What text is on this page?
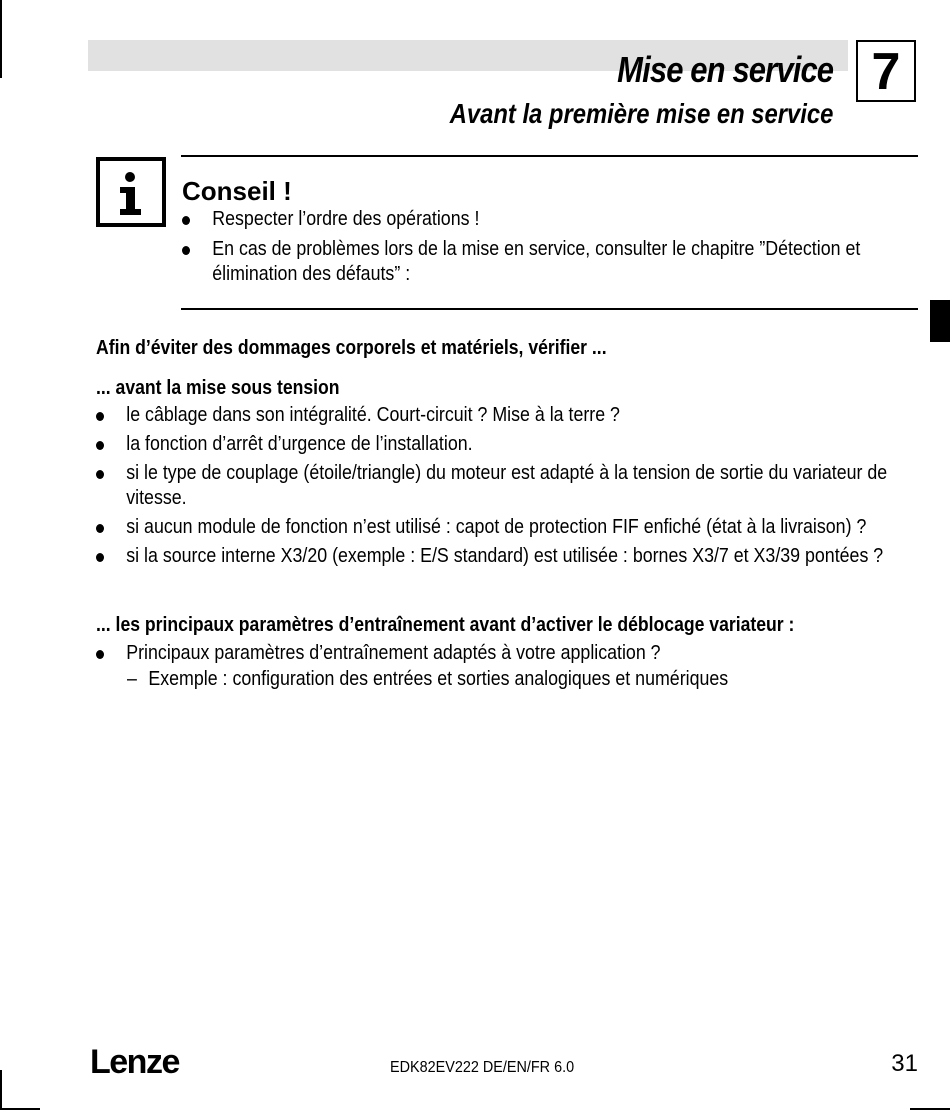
Mise en service
Avant la première mise en service
7
Conseil !
Respecter l’ordre des opérations !
En cas de problèmes lors de la mise en service, consulter le chapitre ”Détection et élimination des défauts” :
Afin d’éviter des dommages corporels et matériels, vérifier ...
... avant la mise sous tension
le câblage dans son intégralité. Court-circuit ? Mise à la terre ?
la fonction d’arrêt d’urgence de l’installation.
si le type de couplage (étoile/triangle) du moteur est adapté à la tension de sortie du variateur de vitesse.
si aucun module de fonction n’est utilisé : capot de protection FIF enfiché (état à la livraison) ?
si la source interne X3/20 (exemple : E/S standard) est utilisée : bornes X3/7 et X3/39 pontées ?
... les principaux paramètres d’entraînement avant d’activer le déblocage variateur :
Principaux paramètres d’entraînement adaptés à votre application ?
– Exemple : configuration des entrées et sorties analogiques et numériques
Lenze	EDK82EV222 DE/EN/FR 6.0	31
